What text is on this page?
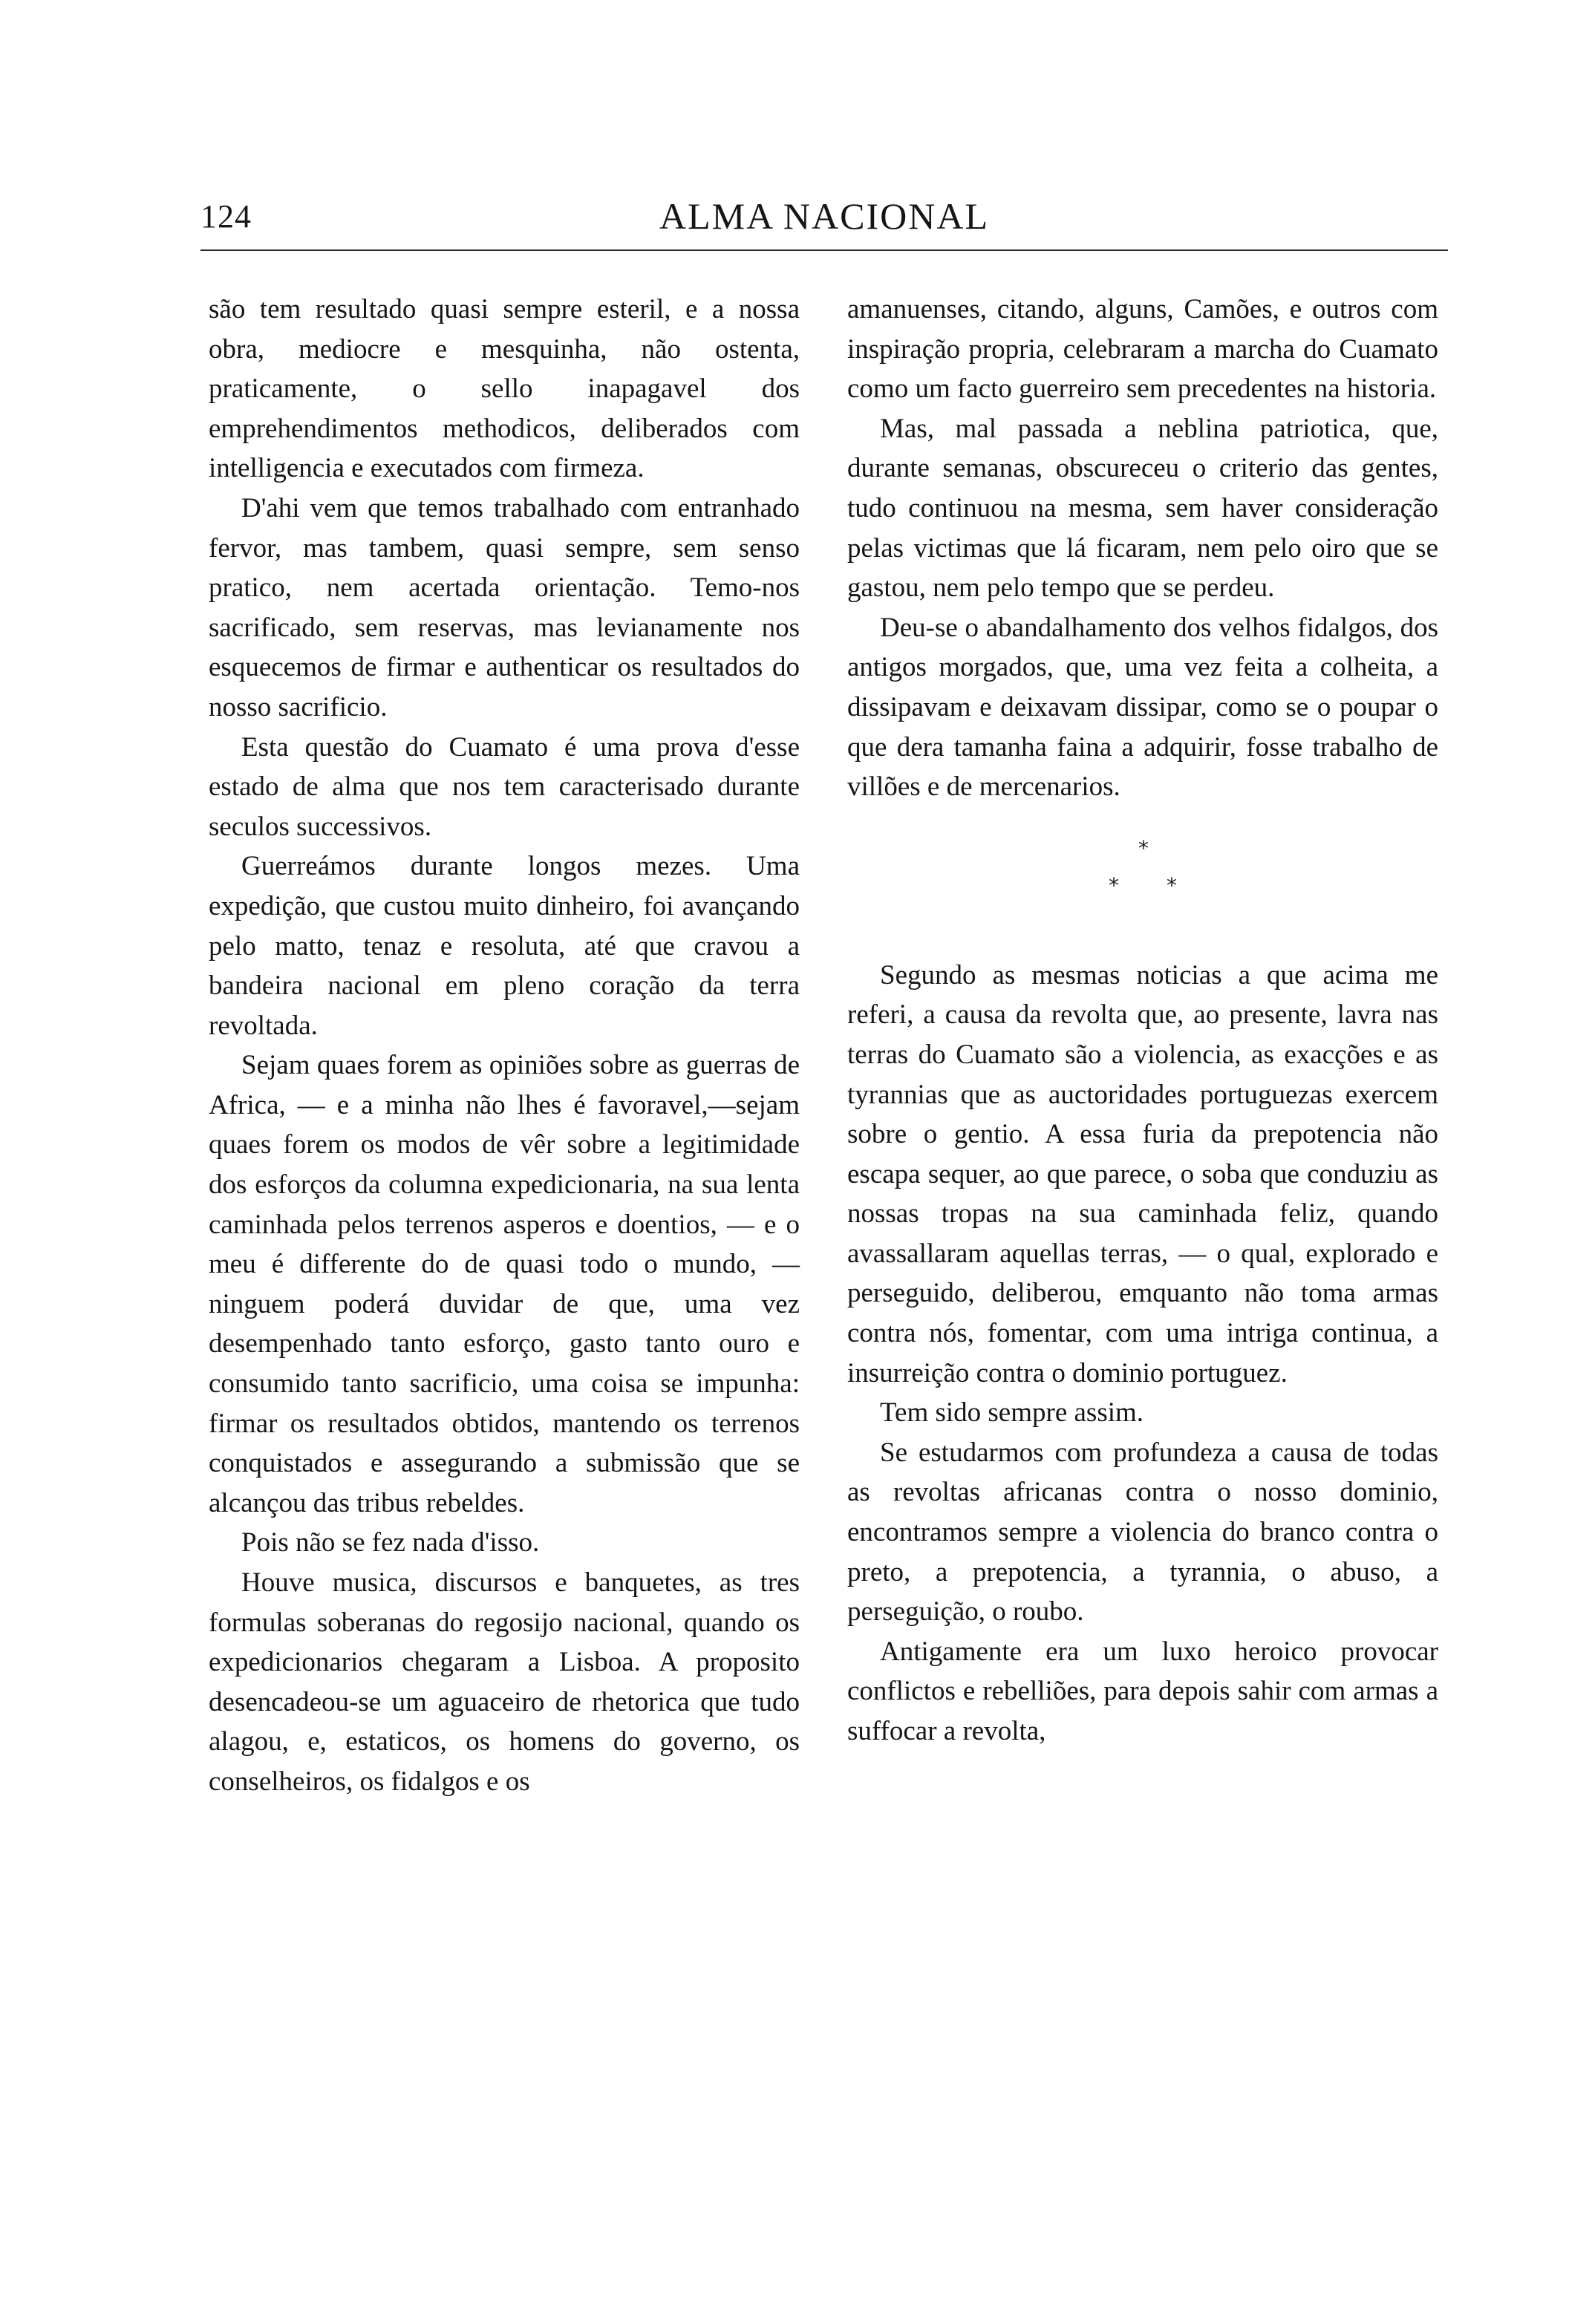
124	ALMA NACIONAL

são tem resultado quasi sempre esteril, e a nossa obra, mediocre e mesquinha, não ostenta, praticamente, o sello inapagavel dos emprehendimentos methodicos, deliberados com intelligencia e executados com firmeza.

D'ahi vem que temos trabalhado com entranhado fervor, mas tambem, quasi sempre, sem senso pratico, nem acertada orientação. Temo-nos sacrificado, sem reservas, mas levianamente nos esquecemos de firmar e authenticar os resultados do nosso sacrificio.

Esta questão do Cuamato é uma prova d'esse estado de alma que nos tem caracterisado durante seculos successivos.

Guerreámos durante longos mezes. Uma expedição, que custou muito dinheiro, foi avançando pelo matto, tenaz e resoluta, até que cravou a bandeira nacional em pleno coração da terra revoltada.

Sejam quaes forem as opiniões sobre as guerras de Africa, — e a minha não lhes é favoravel,—sejam quaes forem os modos de vêr sobre a legitimidade dos esforços da columna expedicionaria, na sua lenta caminhada pelos terrenos asperos e doentios, — e o meu é differente do de quasi todo o mundo, — ninguem poderá duvidar de que, uma vez desempenhado tanto esforço, gasto tanto ouro e consumido tanto sacrificio, uma coisa se impunha: firmar os resultados obtidos, mantendo os terrenos conquistados e assegurando a submissão que se alcançou das tribus rebeldes.

Pois não se fez nada d'isso.

Houve musica, discursos e banquetes, as tres formulas soberanas do regosijo nacional, quando os expedicionarios chegaram a Lisboa. A proposito desencadeou-se um aguaceiro de rhetorica que tudo alagou, e, estaticos, os homens do governo, os conselheiros, os fidalgos e os

amanuenses, citando, alguns, Camões, e outros com inspiração propria, celebraram a marcha do Cuamato como um facto guerreiro sem precedentes na historia.

Mas, mal passada a neblina patriotica, que, durante semanas, obscureceu o criterio das gentes, tudo continuou na mesma, sem haver consideração pelas victimas que lá ficaram, nem pelo oiro que se gastou, nem pelo tempo que se perdeu.

Deu-se o abandalhamento dos velhos fidalgos, dos antigos morgados, que, uma vez feita a colheita, a dissipavam e deixavam dissipar, como se o poupar o que dera tamanha faina a adquirir, fosse trabalho de villões e de mercenarios.

*
* *

Segundo as mesmas noticias a que acima me referi, a causa da revolta que, ao presente, lavra nas terras do Cuamato são a violencia, as exacções e as tyrannias que as auctoridades portuguezas exercem sobre o gentio. A essa furia da prepotencia não escapa sequer, ao que parece, o soba que conduziu as nossas tropas na sua caminhada feliz, quando avassallaram aquellas terras, — o qual, explorado e perseguido, deliberou, emquanto não toma armas contra nós, fomentar, com uma intriga continua, a insurreição contra o dominio portuguez.

Tem sido sempre assim.

Se estudarmos com profundeza a causa de todas as revoltas africanas contra o nosso dominio, encontramos sempre a violencia do branco contra o preto, a prepotencia, a tyrannia, o abuso, a perseguição, o roubo.

Antigamente era um luxo heroico provocar conflictos e rebelliões, para depois sahir com armas a suffocar a revolta,
